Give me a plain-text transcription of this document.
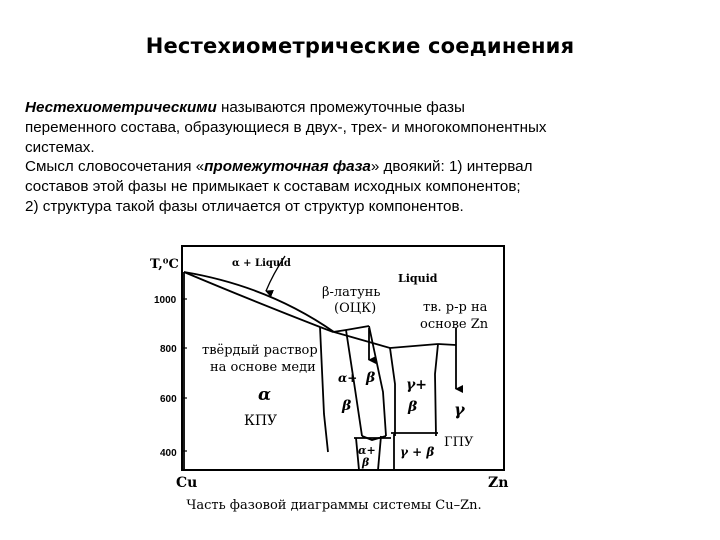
Нестехиометрические соединения

Нестехиометрическими называются промежуточные фазы

переменного состава, образующиеся в двух-, трех- и многокомпонентных

системах.

Смысл словосочетания «промежуточная фаза» двоякий: 1) интервал

составов этой фазы не примыкает к составам исходных компонентов;

2) структура такой фазы отличается от структур компонентов.

T,⁰C
1000
800
600
400
α + Liquid
Liquid
β-латунь
(ОЦК)	тв. р-р на
основе Zn
твёрдый раствор
на основе меди
α
КПУ
α+
β
β γ+
β γ
ГПУ
α+
β
γ + β
Cu	Zn
Часть фазовой диаграммы системы Cu–Zn.
